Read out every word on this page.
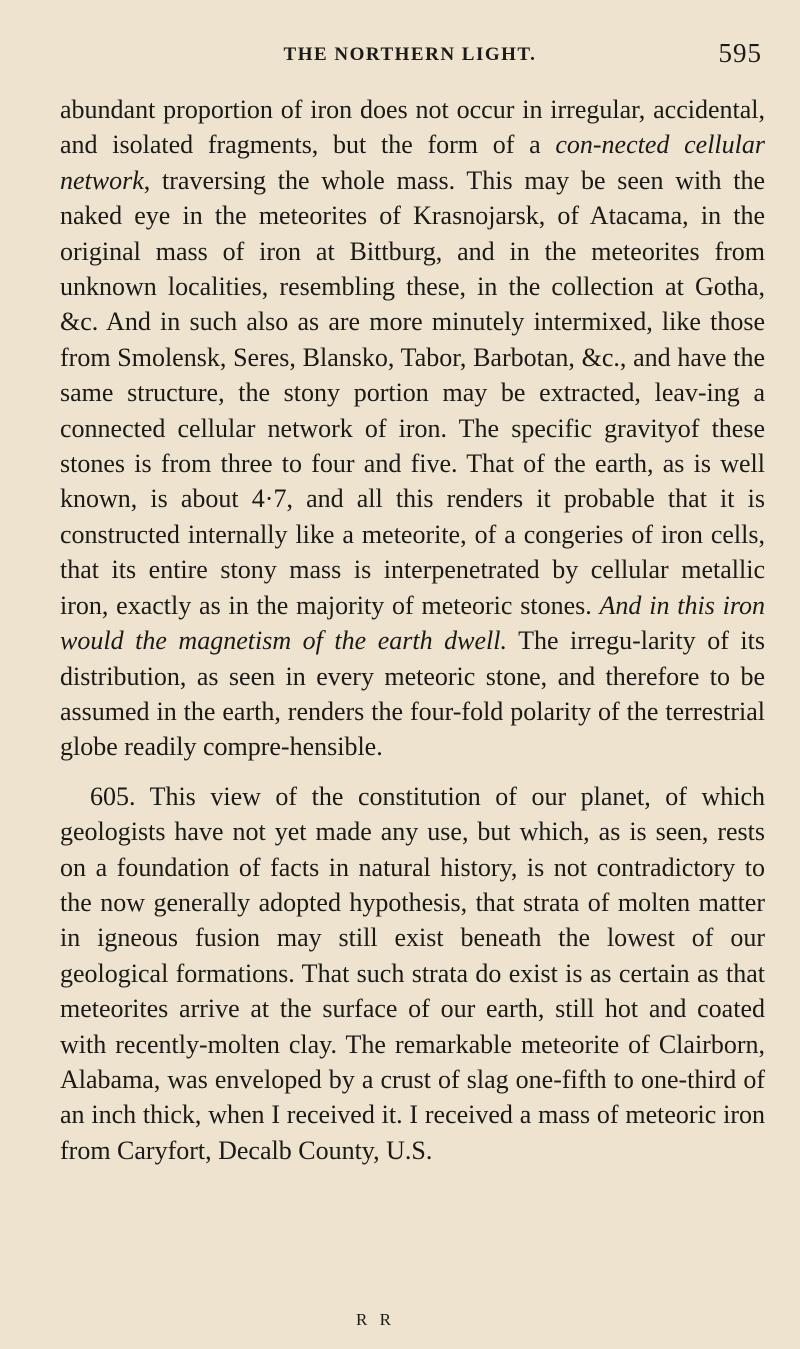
THE NORTHERN LIGHT.	595

abundant proportion of iron does not occur in irregular, accidental, and isolated fragments, but the form of a con-nected cellular network, traversing the whole mass. This may be seen with the naked eye in the meteorites of Krasnojarsk, of Atacama, in the original mass of iron at Bittburg, and in the meteorites from unknown localities, resembling these, in the collection at Gotha, &c. And in such also as are more minutely intermixed, like those from Smolensk, Seres, Blansko, Tabor, Barbotan, &c., and have the same structure, the stony portion may be extracted, leav-ing a connected cellular network of iron. The specific gravityof these stones is from three to four and five. That of the earth, as is well known, is about 4·7, and all this renders it probable that it is constructed internally like a meteorite, of a congeries of iron cells, that its entire stony mass is interpenetrated by cellular metallic iron, exactly as in the majority of meteoric stones. And in this iron would the magnetism of the earth dwell. The irregu-larity of its distribution, as seen in every meteoric stone, and therefore to be assumed in the earth, renders the four-fold polarity of the terrestrial globe readily compre-hensible.

605. This view of the constitution of our planet, of which geologists have not yet made any use, but which, as is seen, rests on a foundation of facts in natural history, is not contradictory to the now generally adopted hypothesis, that strata of molten matter in igneous fusion may still exist beneath the lowest of our geological formations. That such strata do exist is as certain as that meteorites arrive at the surface of our earth, still hot and coated with recently-molten clay. The remarkable meteorite of Clairborn, Alabama, was enveloped by a crust of slag one-fifth to one-third of an inch thick, when I received it. I received a mass of meteoric iron from Caryfort, Decalb County, U.S.

R R
